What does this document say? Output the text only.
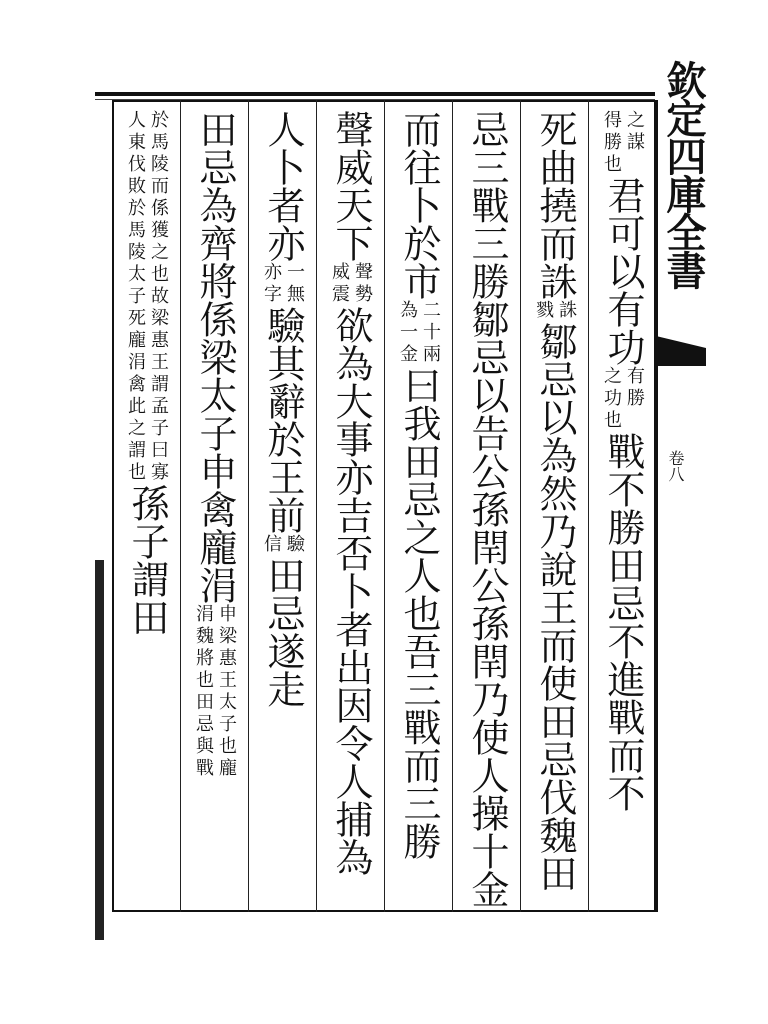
欽定四庫全書
卷八
之謀
得勝也
君可以有功
有勝
之功也
戰不勝田忌不進戰而不
死曲撓而誅
誅
戮
鄒忌以為然乃說王而使田忌伐魏田
忌三戰三勝鄒忌以告公孫閈公孫閈乃使人操十金
而往卜於市
二十兩
為一金
曰我田忌之人也吾三戰而三勝
聲威天下
聲勢
威震
欲為大事亦吉否卜者出因令人捕為
人卜者亦
一無
亦字
驗其辭於王前
驗
信
田忌遂走
田忌為齊將係梁太子申禽龐涓
申梁惠王太子也龐
涓魏將也田忌與戰
於馬陵而係獲之也故梁惠王謂孟子曰寡
人東伐敗於馬陵太子死龐涓禽此之謂也
孫子謂田
